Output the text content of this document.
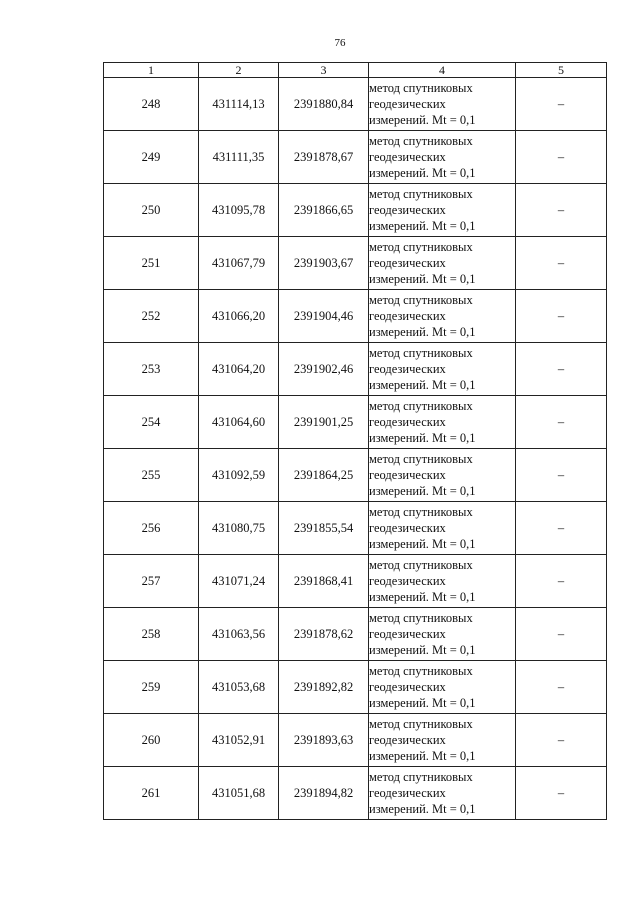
76
1	2	3	4	5
248	431114,13	2391880,84	метод спутниковых
геодезических
измерений. Mt = 0,1	–
249	431111,35	2391878,67	метод спутниковых
геодезических
измерений. Mt = 0,1	–
250	431095,78	2391866,65	метод спутниковых
геодезических
измерений. Mt = 0,1	–
251	431067,79	2391903,67	метод спутниковых
геодезических
измерений. Mt = 0,1	–
252	431066,20	2391904,46	метод спутниковых
геодезических
измерений. Mt = 0,1	–
253	431064,20	2391902,46	метод спутниковых
геодезических
измерений. Mt = 0,1	–
254	431064,60	2391901,25	метод спутниковых
геодезических
измерений. Mt = 0,1	–
255	431092,59	2391864,25	метод спутниковых
геодезических
измерений. Mt = 0,1	–
256	431080,75	2391855,54	метод спутниковых
геодезических
измерений. Mt = 0,1	–
257	431071,24	2391868,41	метод спутниковых
геодезических
измерений. Mt = 0,1	–
258	431063,56	2391878,62	метод спутниковых
геодезических
измерений. Mt = 0,1	–
259	431053,68	2391892,82	метод спутниковых
геодезических
измерений. Mt = 0,1	–
260	431052,91	2391893,63	метод спутниковых
геодезических
измерений. Mt = 0,1	–
261	431051,68	2391894,82	метод спутниковых
геодезических
измерений. Mt = 0,1	–
